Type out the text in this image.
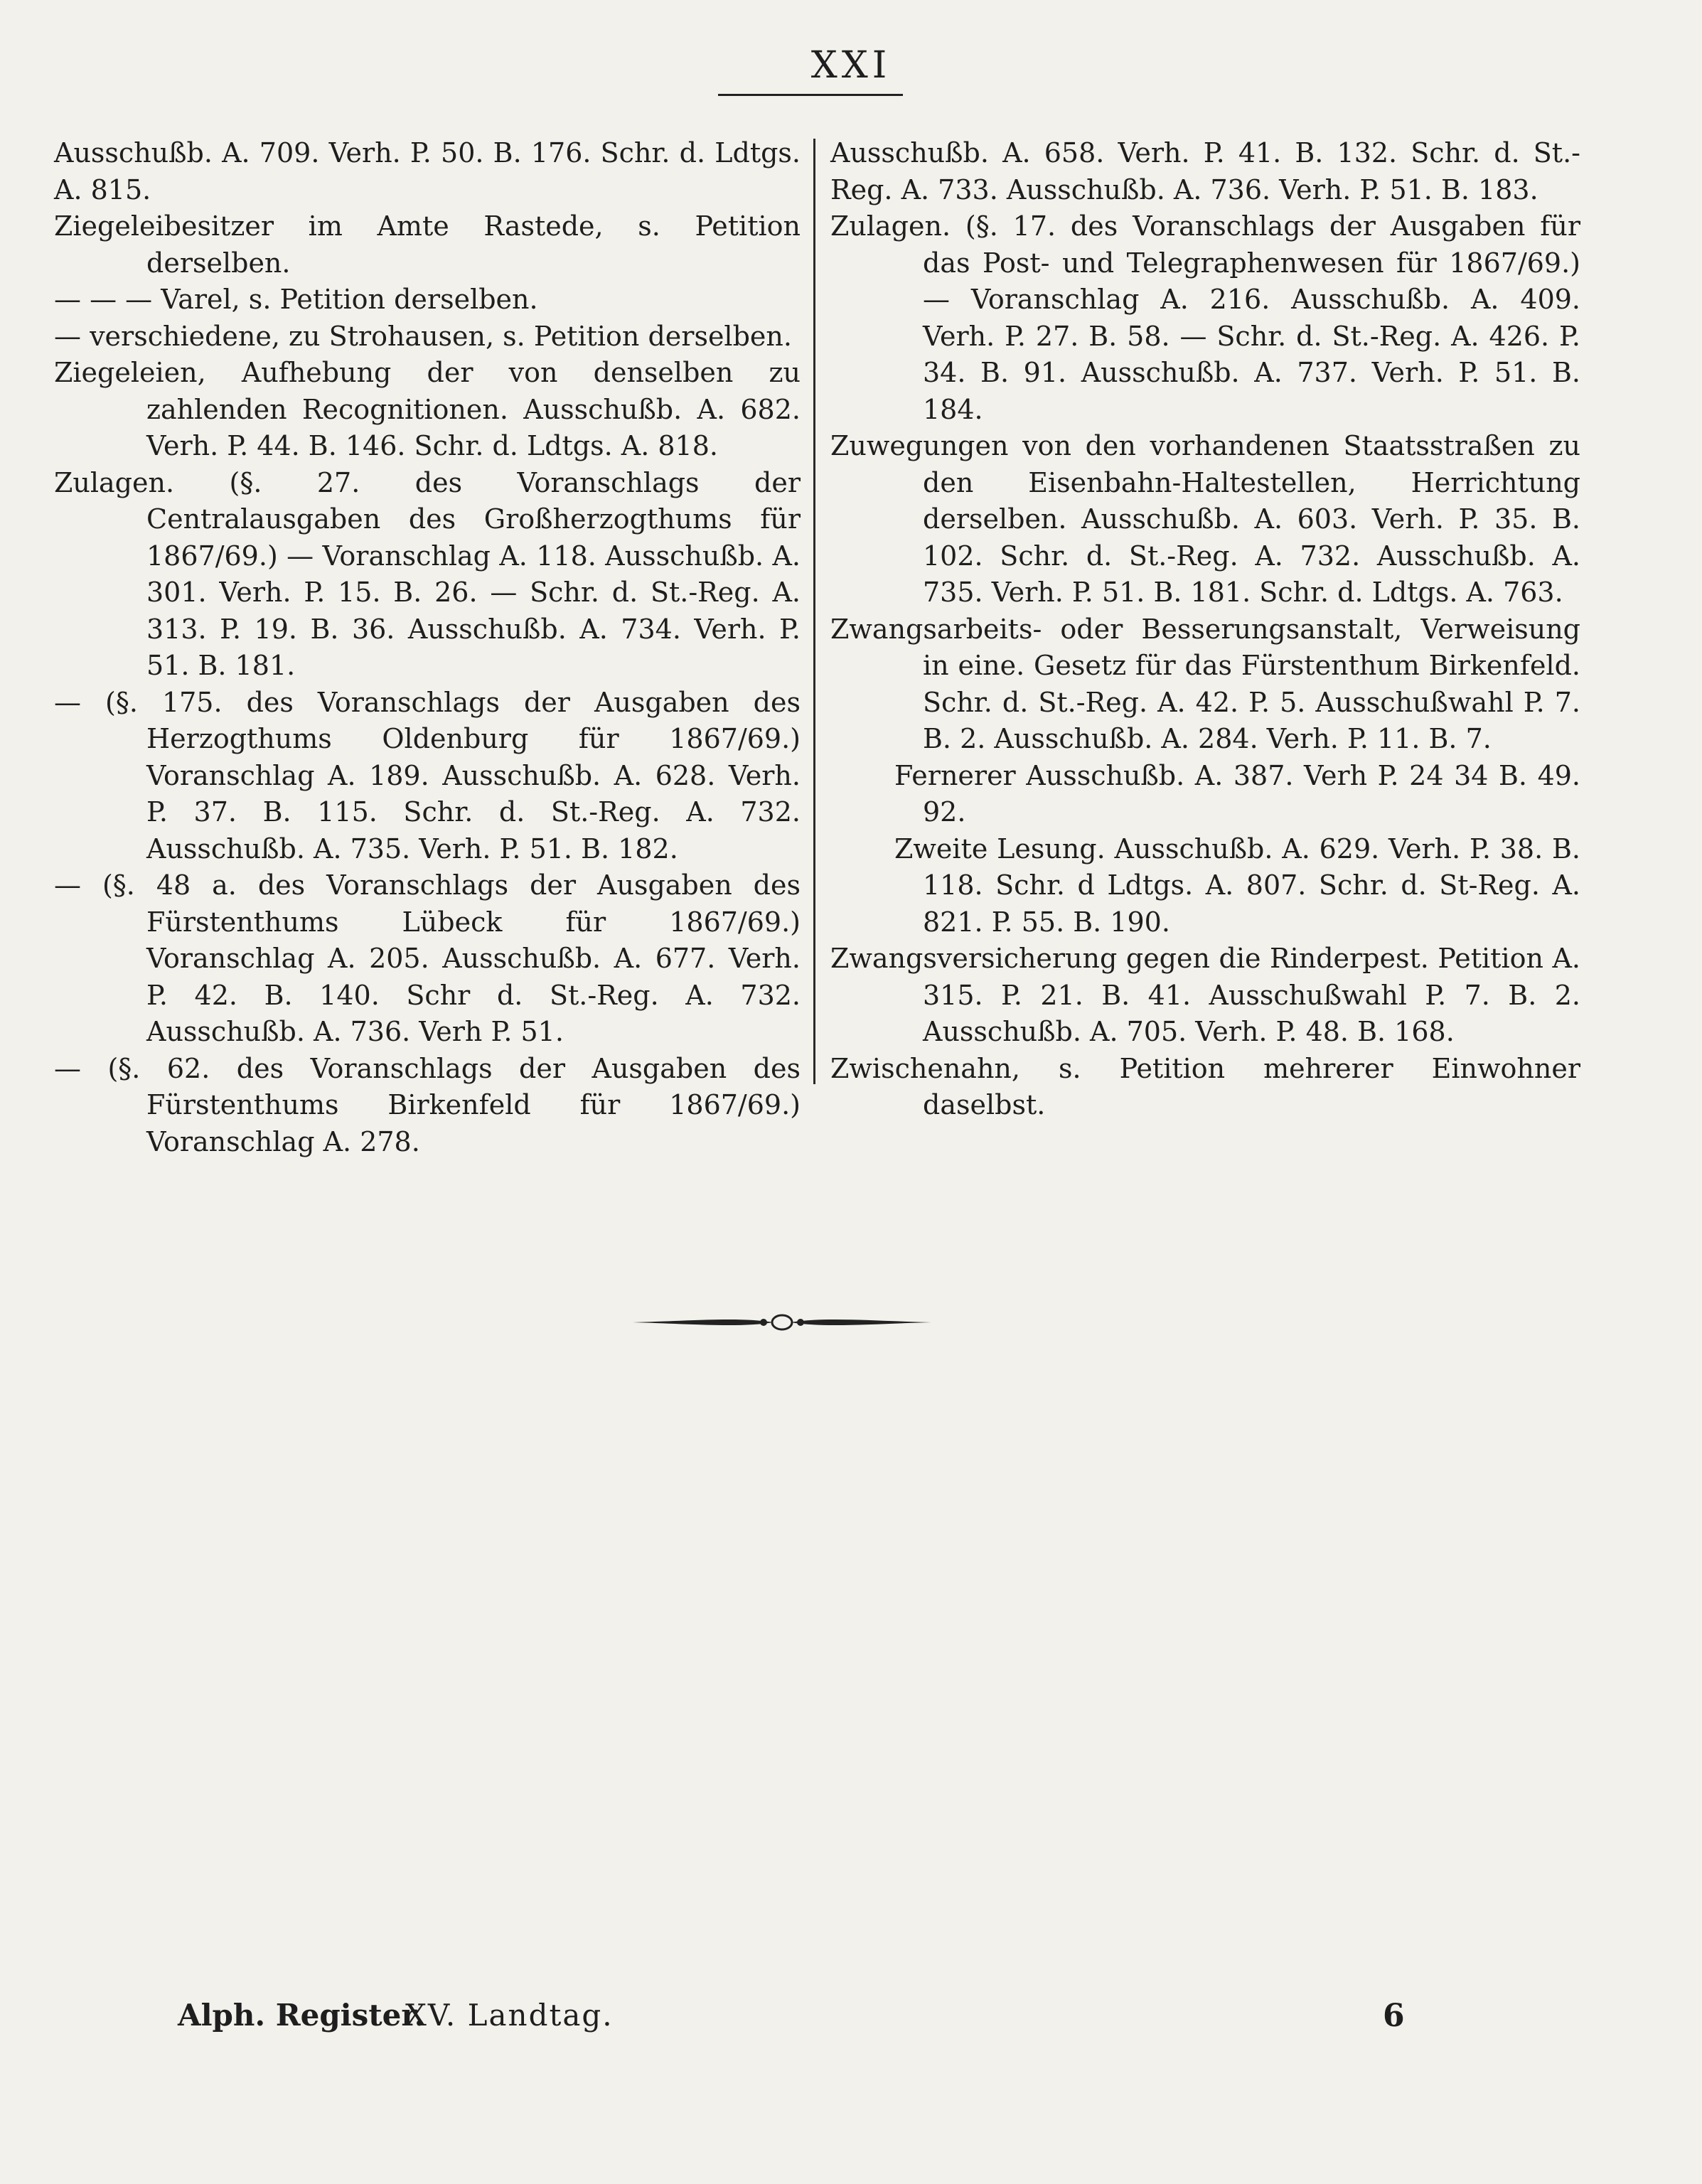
XXI
Ausschußb. A. 709. Verh. P. 50. B. 176. Schr. d. Ldtgs. A. 815.
Ziegeleibesitzer im Amte Rastede, s. Petition derselben.
— — — Varel, s. Petition derselben.
— verschiedene, zu Strohausen, s. Petition derselben.
Ziegeleien, Aufhebung der von denselben zu zahlenden Recognitionen. Ausschußb. A. 682. Verh. P. 44. B. 146. Schr. d. Ldtgs. A. 818.
Zulagen. (§. 27. des Voranschlags der Centralausgaben des Großherzogthums für 1867/69.) — Voranschlag A. 118. Ausschußb. A. 301. Verh. P. 15. B. 26. — Schr. d. St.-Reg. A. 313. P. 19. B. 36. Ausschußb. A. 734. Verh. P. 51. B. 181.
— (§. 175. des Voranschlags der Ausgaben des Herzogthums Oldenburg für 1867/69.) Voranschlag A. 189. Ausschußb. A. 628. Verh. P. 37. B. 115. Schr. d. St.-Reg. A. 732. Ausschußb. A. 735. Verh. P. 51. B. 182.
— (§. 48 a. des Voranschlags der Ausgaben des Fürstenthums Lübeck für 1867/69.) Voranschlag A. 205. Ausschußb. A. 677. Verh. P. 42. B. 140. Schr d. St.-Reg. A. 732. Ausschußb. A. 736. Verh P. 51.
— (§. 62. des Voranschlags der Ausgaben des Fürstenthums Birkenfeld für 1867/69.) Voranschlag A. 278.
Ausschußb. A. 658. Verh. P. 41. B. 132. Schr. d. St.-Reg. A. 733. Ausschußb. A. 736. Verh. P. 51. B. 183.
Zulagen. (§. 17. des Voranschlags der Ausgaben für das Post- und Telegraphenwesen für 1867/69.) — Voranschlag A. 216. Ausschußb. A. 409. Verh. P. 27. B. 58. — Schr. d. St.-Reg. A. 426. P. 34. B. 91. Ausschußb. A. 737. Verh. P. 51. B. 184.
Zuwegungen von den vorhandenen Staatsstraßen zu den Eisenbahn-Haltestellen, Herrichtung derselben. Ausschußb. A. 603. Verh. P. 35. B. 102. Schr. d. St.-Reg. A. 732. Ausschußb. A. 735. Verh. P. 51. B. 181. Schr. d. Ldtgs. A. 763.
Zwangsarbeits- oder Besserungsanstalt, Verweisung in eine. Gesetz für das Fürstenthum Birkenfeld. Schr. d. St.-Reg. A. 42. P. 5. Ausschußwahl P. 7. B. 2. Ausschußb. A. 284. Verh. P. 11. B. 7.
Fernerer Ausschußb. A. 387. Verh P. 24 34 B. 49. 92.
Zweite Lesung. Ausschußb. A. 629. Verh. P. 38. B. 118. Schr. d Ldtgs. A. 807. Schr. d. St-Reg. A. 821. P. 55. B. 190.
Zwangsversicherung gegen die Rinderpest. Petition A. 315. P. 21. B. 41. Ausschußwahl P. 7. B. 2. Ausschußb. A. 705. Verh. P. 48. B. 168.
Zwischenahn, s. Petition mehrerer Einwohner daselbst.
Alph. Register.
XV. Landtag.	6
